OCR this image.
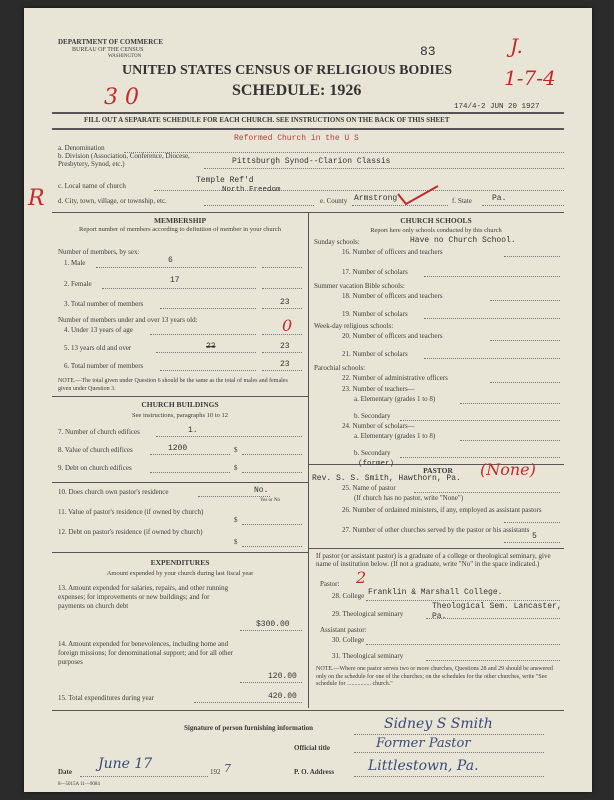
DEPARTMENT OF COMMERCE
BUREAU OF THE CENSUS
WASHINGTON	83	J.
1-7-4
UNITED STATES CENSUS OF RELIGIOUS BODIES
SCHEDULE: 1926
3 0	174/4-2 JUN 20 1927
FILL OUT A SEPARATE SCHEDULE FOR EACH CHURCH. SEE INSTRUCTIONS ON THE BACK OF THIS SHEET
a. Denomination
Reformed Church in the U S
b. Division (Association, Conference, Diocese, Presbytery, Synod, etc.)	Pittsburgh Synod--Clarion Classis
c. Local name of church
Temple Ref'd
R	North Freedom
d. City, town, village, or township, etc.	e. County Armstrong	f. State	Pa.
MEMBERSHIP
Report number of members according to definition of member in your church
Number of members, by sex:
1. Male	6
2. Female	17
3. Total number of members	23
Number of members under and over 13 years old:
4. Under 13 years of age	0
5. 13 years old and over	23	23
6. Total number of members	23
NOTE.—The total given under Question 6 should be the same as the total of males and females given under Question 3.
CHURCH BUILDINGS
See instructions, paragraphs 10 to 12
7. Number of church edifices	1.
8. Value of church edifices	$
1200
9. Debt on church edifices	$
10. Does church own pastor's residence	No.
Yes or No
11. Value of pastor's residence (if owned by church)
$
12. Debt on pastor's residence (if owned by church)
$
EXPENDITURES
Amount expended by your church during last fiscal year
13. Amount expended for salaries, repairs, and other running expenses; for improvements or new buildings; and for payments on church debt
$300.00
14. Amount expended for benevolences, including home and foreign missions; for denominational support; and for all other purposes
120.00
15. Total expenditures during year	420.00
CHURCH SCHOOLS
Report here only schools conducted by this church
Sunday schools:	Have no Church School.
16. Number of officers and teachers
17. Number of scholars
Summer vacation Bible schools:
18. Number of officers and teachers
19. Number of scholars
Week-day religious schools:
20. Number of officers and teachers
21. Number of scholars
Parochial schools:
22. Number of administrative officers
23. Number of teachers—
a. Elementary (grades 1 to 8)
b. Secondary
24. Number of scholars—
a. Elementary (grades 1 to 8)
b. Secondary
(former)
PASTOR	(None)
Rev. S. S. Smith, Hawthorn, Pa.
25. Name of pastor
(If church has no pastor, write "None")
26. Number of ordained ministers, if any, employed as assistant pastors
27. Number of other churches served by the pastor or his assistants
5
If pastor (or assistant pastor) is a graduate of a college or theological seminary, give name of institution below. (If not a graduate, write "No" in the space indicated.)
Pastor: 2
28. College Franklin & Marshall College.
29. Theological seminary
Theological Sem. Lancaster, Pa.
Assistant pastor:
30. College
31. Theological seminary
NOTE.—Where one pastor serves two or more churches, Questions 28 and 29 should be answered only on the schedule for one of the churches; on the schedules for the other churches, write "See schedule for ................ church."
Signature of person furnishing information	Sidney S Smith
Official title	Former Pastor
Date June 17	192 7	P. O. Address Littlestown, Pa.
8—5015A 11—9084
